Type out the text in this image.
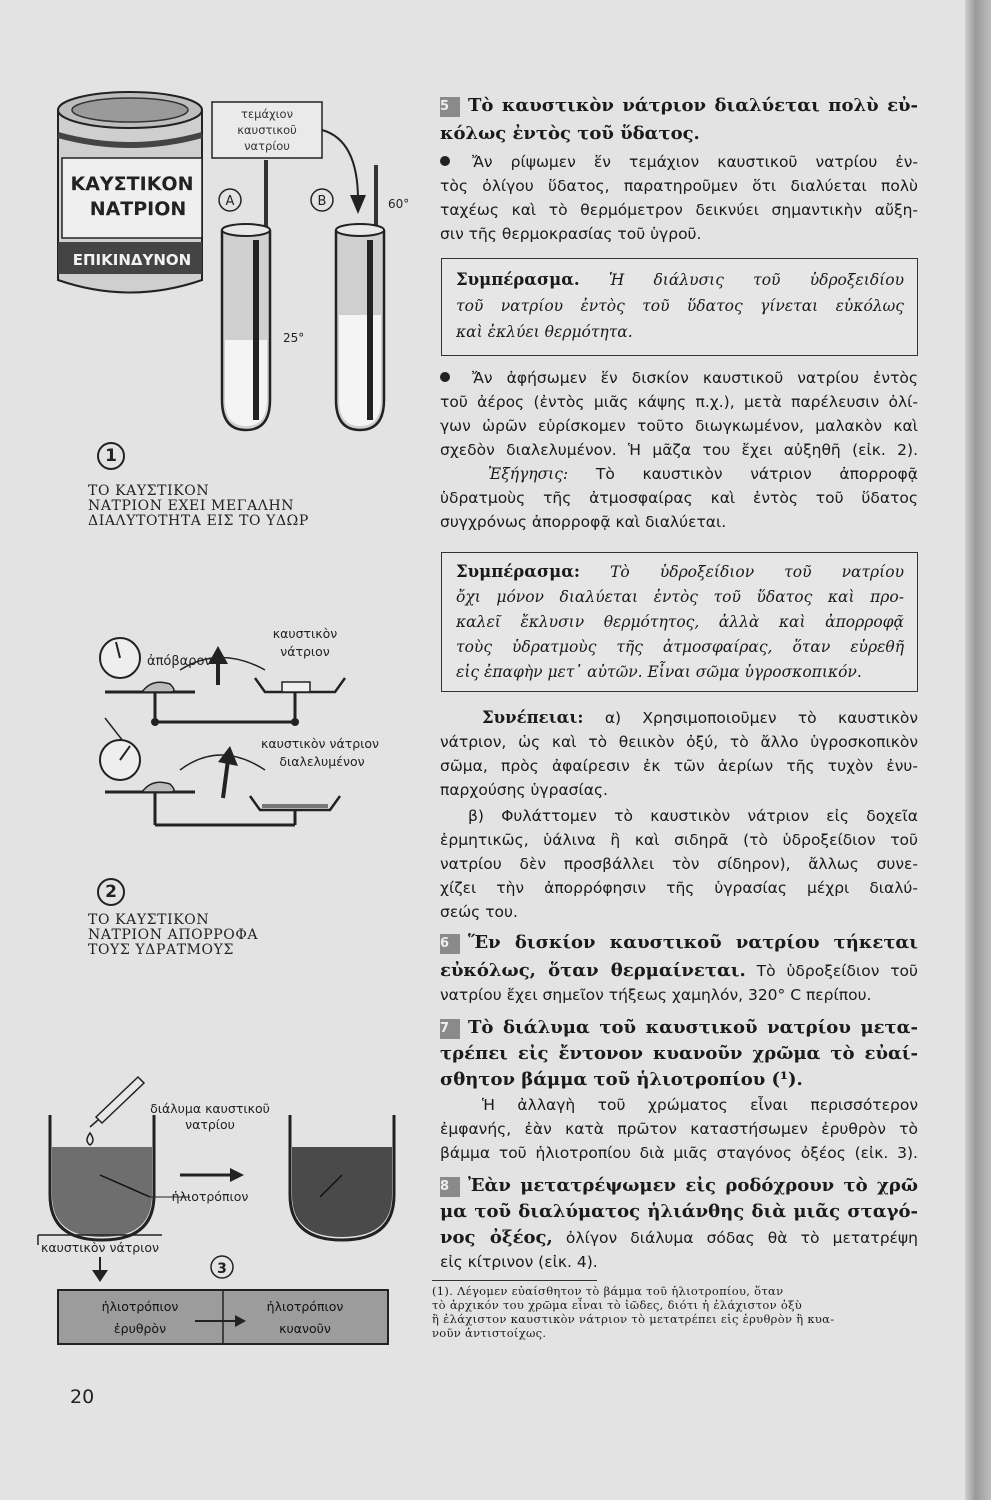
ΚΑΥΣΤΙΚΟΝ
ΝΑΤΡΙΟΝ
ΕΠΙΚΙΝΔΥΝΟΝ
τεμάχιον
καυστικοῦ
νατρίου
A	B
25°
60°
1
ΤΟ ΚΑΥΣΤΙΚΟΝ
ΝΑΤΡΙΟΝ ΕΧΕΙ ΜΕΓΑΛΗΝ
ΔΙΑΛΥΤΟΤΗΤΑ ΕΙΣ ΤΟ ΥΔΩΡ
ἀπόβαρον
καυστικὸν
νάτριον
καυστικὸν νάτριον
διαλελυμένον
2
ΤΟ ΚΑΥΣΤΙΚΟΝ
ΝΑΤΡΙΟΝ ΑΠΟΡΡΟΦΑ
ΤΟΥΣ ΥΔΡΑΤΜΟΥΣ
διάλυμα καυστικοῦ
νατρίου
ἡλιοτρόπιον
καυστικὸν νάτριον
3
ἡλιοτρόπιον
ἐρυθρὸν
ἡλιοτρόπιον
κυανοῦν
5 Τὸ καυστικὸν νάτριον διαλύεται πολὺ εὐ-
κόλως ἐντὸς τοῦ ὕδατος.
Ἄν ρίψωμεν ἕν τεμάχιον καυστικοῦ νατρίου ἐν-
τὸς ὀλίγου ὕδατος, παρατηροῦμεν ὅτι διαλύεται πολὺ
ταχέως καὶ τὸ θερμόμετρον δεικνύει σημαντικὴν αὔξη-
σιν τῆς θερμοκρασίας τοῦ ὑγροῦ.
Συμπέρασμα. Ἡ διάλυσις τοῦ ὑδροξειδίου
τοῦ νατρίου ἐντὸς τοῦ ὕδατος γίνεται εὐκόλως
καὶ ἐκλύει θερμότητα.
Ἄν ἀφήσωμεν ἕν δισκίον καυστικοῦ νατρίου ἐντὸς
τοῦ ἀέρος (ἐντὸς μιᾶς κάψης π.χ.), μετὰ παρέλευσιν ὀλί-
γων ὡρῶν εὑρίσκομεν τοῦτο διωγκωμένον, μαλακὸν καὶ
σχεδὸν διαλελυμένον. Ἡ μᾶζα του ἔχει αὐξηθῆ (εἰκ. 2).
Ἐξήγησις: Τὸ καυστικὸν νάτριον ἀπορροφᾷ
ὑδρατμοὺς τῆς ἀτμοσφαίρας καὶ ἐντὸς τοῦ ὕδατος
συγχρόνως ἀπορροφᾷ καὶ διαλύεται.
Συμπέρασμα: Τὸ ὑδροξείδιον τοῦ νατρίου
ὄχι μόνον διαλύεται ἐντὸς τοῦ ὕδατος καὶ προ-
καλεῖ ἔκλυσιν θερμότητος, ἀλλὰ καὶ ἀπορροφᾷ
τοὺς ὑδρατμοὺς τῆς ἀτμοσφαίρας, ὅταν εὑρεθῆ
εἰς ἐπαφὴν μετ᾽ αὐτῶν. Εἶναι σῶμα ὑγροσκοπικόν.
Συνέπειαι: α) Χρησιμοποιοῦμεν τὸ καυστικὸν
νάτριον, ὡς καὶ τὸ θειικὸν ὀξύ, τὸ ἄλλο ὑγροσκοπικὸν
σῶμα, πρὸς ἀφαίρεσιν ἐκ τῶν ἀερίων τῆς τυχὸν ἐνυ-
παρχούσης ὑγρασίας.
β) Φυλάττομεν τὸ καυστικὸν νάτριον εἰς δοχεῖα
ἑρμητικῶς, ὑάλινα ἢ καὶ σιδηρᾶ (τὸ ὑδροξείδιον τοῦ
νατρίου δὲν προσβάλλει τὸν σίδηρον), ἄλλως συνε-
χίζει τὴν ἀπορρόφησιν τῆς ὑγρασίας μέχρι διαλύ-
σεώς του.
6 Ἕν δισκίον καυστικοῦ νατρίου τήκεται
εὐκόλως, ὅταν θερμαίνεται. Τὸ ὑδροξείδιον τοῦ
νατρίου ἔχει σημεῖον τήξεως χαμηλόν, 320° C περίπου.
7 Τὸ διάλυμα τοῦ καυστικοῦ νατρίου μετα-
τρέπει εἰς ἔντονον κυανοῦν χρῶμα τὸ εὐαί-
σθητον βάμμα τοῦ ἡλιοτροπίου (¹).
Ἡ ἀλλαγὴ τοῦ χρώματος εἶναι περισσότερον
ἐμφανής, ἐὰν κατὰ πρῶτον καταστήσωμεν ἐρυθρὸν τὸ
βάμμα τοῦ ἡλιοτροπίου διὰ μιᾶς σταγόνος ὀξέος (εἰκ. 3).
8 Ἐὰν μετατρέψωμεν εἰς ροδόχρουν τὸ χρῶ
μα τοῦ διαλύματος ἡλιάνθης διὰ μιᾶς σταγό-
νος ὀξέος, ὀλίγον διάλυμα σόδας θὰ τὸ μετατρέψη
εἰς κίτρινον (εἰκ. 4).
(1). Λέγομεν εὐαίσθητον τὸ βάμμα τοῦ ἡλιοτροπίου, ὅταν
τὸ ἀρχικόν του χρῶμα εἶναι τὸ ἰῶδες, διότι ἡ ἐλάχιστον ὀξὺ
ἢ ἐλάχιστον καυστικὸν νάτριον τὸ μετατρέπει εἰς ἐρυθρὸν ἢ κυα-
νοῦν ἀντιστοίχως.
20
